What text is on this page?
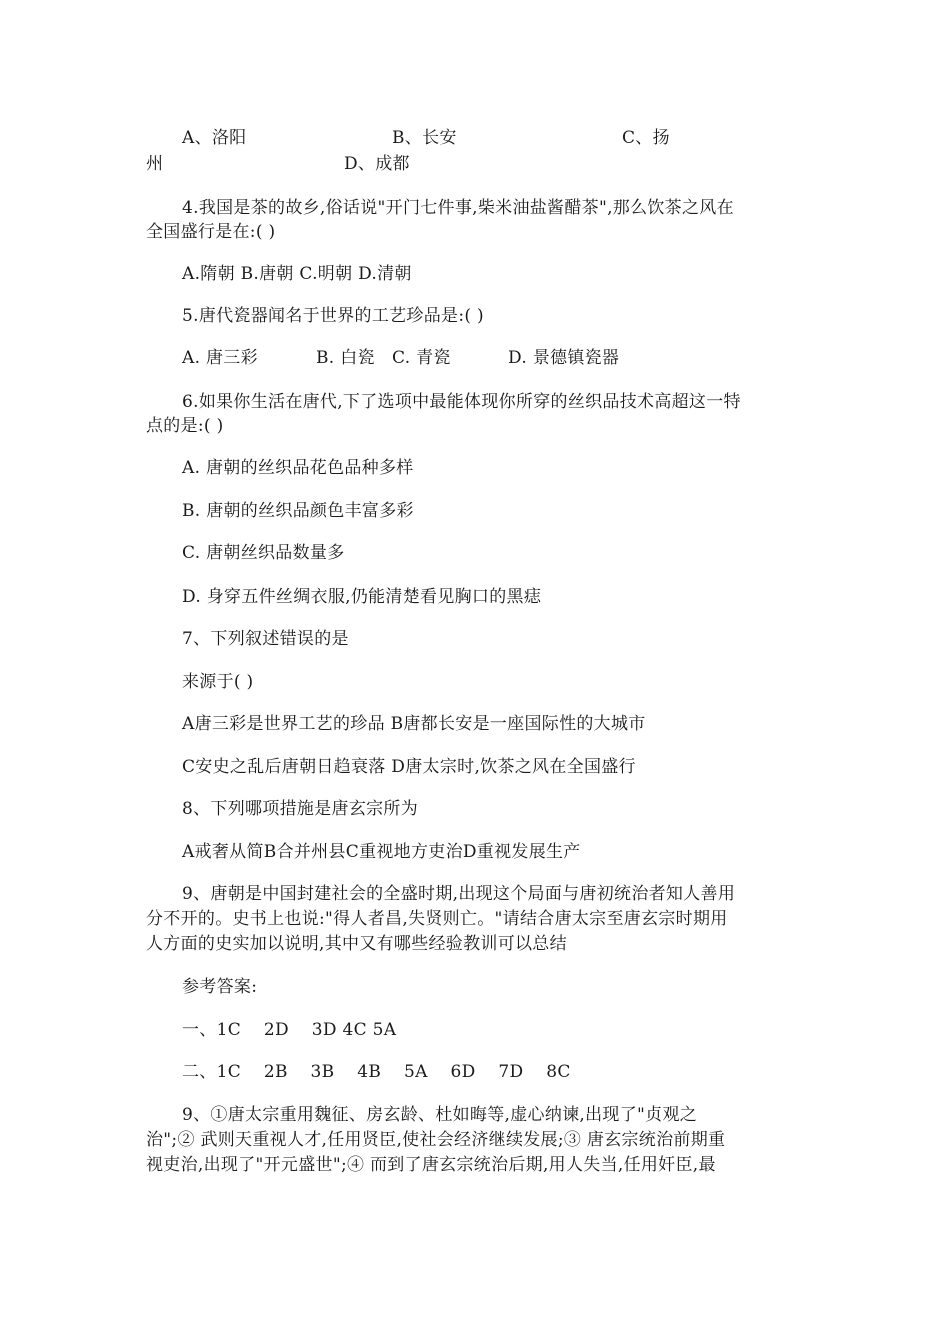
A、洛阳	B、长安	C、扬
州	D、成都
4.我国是茶的故乡,俗话说"开门七件事,柴米油盐酱醋茶",那么饮茶之风在
全国盛行是在:( )
A.隋朝 B.唐朝 C.明朝 D.清朝
5.唐代瓷器闻名于世界的工艺珍品是:( )
A. 唐三彩	B. 白瓷 C. 青瓷	D. 景德镇瓷器
6.如果你生活在唐代,下了选项中最能体现你所穿的丝织品技术高超这一特
点的是:( )
A. 唐朝的丝织品花色品种多样
B. 唐朝的丝织品颜色丰富多彩
C. 唐朝丝织品数量多
D. 身穿五件丝绸衣服,仍能清楚看见胸口的黑痣
7、下列叙述错误的是
来源于( )
A唐三彩是世界工艺的珍品 B唐都长安是一座国际性的大城市
C安史之乱后唐朝日趋衰落 D唐太宗时,饮茶之风在全国盛行
8、下列哪项措施是唐玄宗所为
A戒奢从简B合并州县C重视地方吏治D重视发展生产
9、唐朝是中国封建社会的全盛时期,出现这个局面与唐初统治者知人善用
分不开的。史书上也说:"得人者昌,失贤则亡。"请结合唐太宗至唐玄宗时期用
人方面的史实加以说明,其中又有哪些经验教训可以总结
参考答案:
一、1C    2D    3D 4C 5A
二、1C    2B    3B    4B    5A    6D    7D    8C
9、①唐太宗重用魏征、房玄龄、杜如晦等,虚心纳谏,出现了"贞观之
治";② 武则天重视人才,任用贤臣,使社会经济继续发展;③ 唐玄宗统治前期重
视吏治,出现了"开元盛世";④ 而到了唐玄宗统治后期,用人失当,任用奸臣,最
